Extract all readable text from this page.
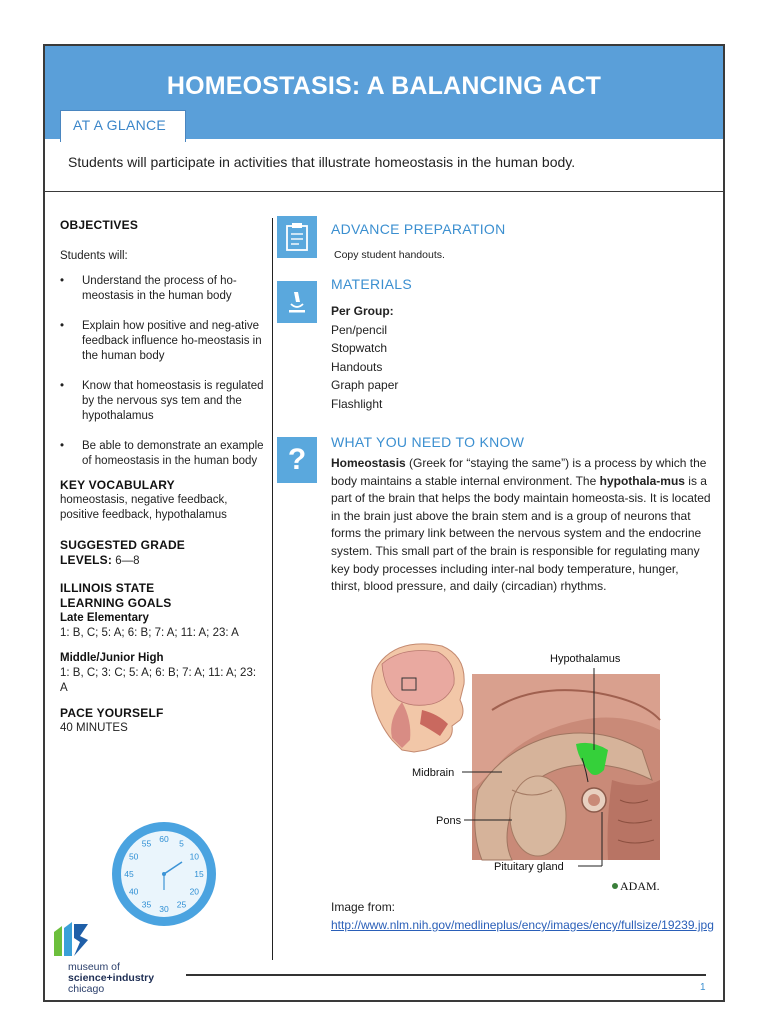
HOMEOSTASIS: A BALANCING ACT
AT A GLANCE
Students will participate in activities that illustrate homeostasis in the human body.
OBJECTIVES
Students will:
• Understand the process of ho-meostasis in the human body
• Explain how positive and neg-ative feedback influence ho-meostasis in the human body
• Know that homeostasis is regulated by the nervous sys tem and the hypothalamus
• Be able to demonstrate an example of homeostasis in the human body
KEY VOCABULARY
homeostasis, negative feedback, positive feedback, hypothalamus
SUGGESTED GRADE
LEVELS: 6—8
ILLINOIS STATE
LEARNING GOALS
Late Elementary
1: B, C; 5: A; 6: B; 7: A; 11: A; 23: A
Middle/Junior High
1: B, C; 3: C; 5: A; 6: B; 7: A; 11: A; 23: A
PACE YOURSELF
40 MINUTES
60 5
10
15
20
25
30
35
40
45
50
55
ADVANCE PREPARATION
Copy student handouts.
MATERIALS
Per Group:
Pen/pencil
Stopwatch
Handouts
Graph paper
Flashlight
?
WHAT YOU NEED TO KNOW
Homeostasis (Greek for “staying the same”) is a process by which the body maintains a stable internal environment. The hypothala-mus is a part of the brain that helps the body maintain homeosta-sis. It is located in the brain just above the brain stem and is a group of neurons that forms the primary link between the nervous system and the endocrine system. This small part of the brain is responsible for regulating many key body processes including inter-nal body temperature, hunger, thirst, blood pressure, and daily (circadian) rhythms.
Hypothalamus
Midbrain
Pons
Pituitary gland
ADAM.
Image from: http://www.nlm.nih.gov/medlineplus/ency/images/ency/fullsize/19239.jpg
museum of
science+industry
chicago	1
